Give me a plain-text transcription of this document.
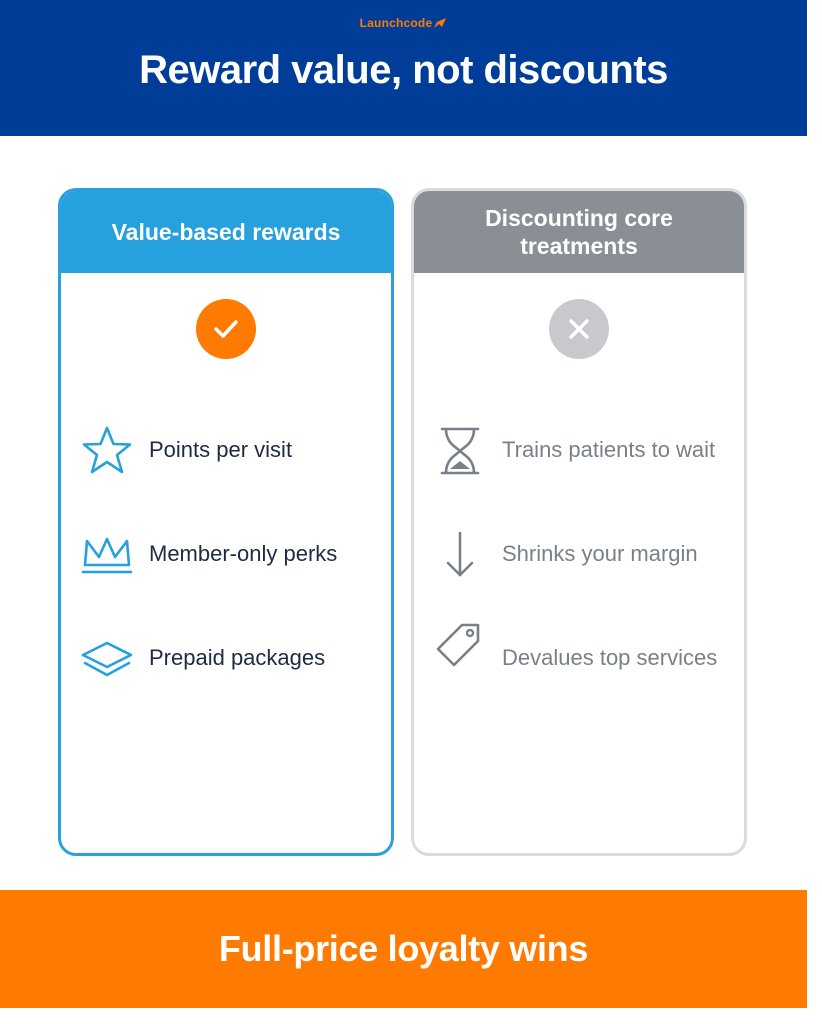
Launchcode
Reward value, not discounts
Value-based rewards
Points per visit
Member-only perks
Prepaid packages
Discounting core treatments
Trains patients to wait
Shrinks your margin
Devalues top services
Full-price loyalty wins
